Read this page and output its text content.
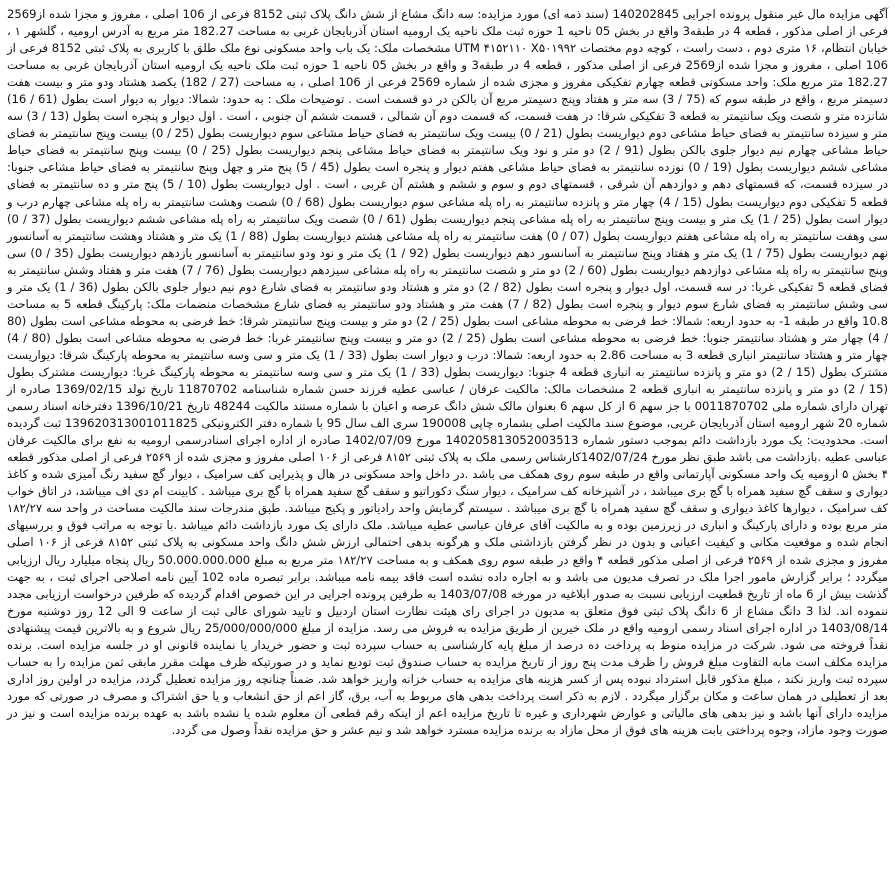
آگهی مزایده مال غیر منقول پرونده اجرایی 140202845 (سند ذمه ای) مورد مزایده: سه دانگ مشاع از شش دانگ پلاک ثبتی 8152 فرعی از 106 اصلی ، مفروز و مجزا شده از2569 فرعی از اصلی مذکور ، قطعه 4 در طبقه3 واقع در بخش 05 ناحیه 1 حوزه ثبت ملک ناحیه یک ارومیه استان آذربایجان غربی به مساحت 182.27 متر مربع به آدرس ارومیه ، گلشهر ۱ ، خیابان انتظام، ۱۶ متری دوم ، دست راست ، کوچه دوم مختصات UTM ۴۱۵۲۱۱۰ X۵۰۱۹۹۲ مشخصات ملک: یک باب واحد مسکونی نوع ملک طلق با کاربری به پلاک ثبتی 8152 فرعی از 106 اصلی ، مفروز و مجزا شده از2569 فرعی از اصلی مذکور ، قطعه 4 در طبقه3 و واقع در بخش 05 ناحیه 1 حوزه ثبت ملک ناحیه یک ارومیه استان آذربایجان غربی به مساحت 182.27 متر مربع ملک: واحد مسکونی قطعه چهارم تفکیکی مفروز و مجزی شده از شماره 2569 فرعی از 106 اصلی ، به مساحت (27 / 182) یکصد هشتاد ودو متر و بیست هفت دسیمتر مربع ، واقع در طبقه سوم که (75 / 3) سه متر و هفتاد وپنج دسیمتر مربع آن بالکن در دو قسمت است . توضیحات ملک : به حدود: شمالا: دیوار به دیوار است بطول (61 / 16) شانزده متر و شصت ویک سانتیمتر به قطعه 3 تفکیکی شرقا: در هفت قسمت، که قسمت دوم آن شمالی ، قسمت ششم آن جنوبی ، است . اول دیوار و پنجره است بطول (13 / 3) سه متر و سیزده سانتیمتر به فضای حیاط مشاعی دوم دیواریست بطول (21 / 0) بیست ویک سانتیمتر به فضای حیاط مشاعی سوم دیواریست بطول (25 / 0) بیست وپنج سانتیمتر به فضای حیاط مشاعی چهارم نیم دیوار جلوی بالکن بطول (91 / 2) دو متر و نود ویک سانتیمتر به فضای حیاط مشاعی پنجم دیواریست بطول (25 / 0) بیست وپنج سانتیمتر به فضای حیاط مشاعی ششم دیواریست بطول (19 / 0) نوزده سانتیمتر به فضای حیاط مشاعی هفتم دیوار و پنجره است بطول (45 / 5) پنج متر و چهل وپنج سانتیمتر به فضای حیاط مشاعی جنوبا: در سیزده قسمت، که قسمتهای دهم و دوازدهم آن شرقی ، قسمتهای دوم و سوم و ششم و هشتم آن غربی ، است . اول دیواریست بطول (10 / 5) پنج متر و ده سانتیمتر به فضای قطعه 5 تفکیکی دوم دیواریست بطول (15 / 4) چهار متر و پانزده سانتیمتر به راه پله مشاعی سوم دیواریست بطول (68 / 0) شصت وهشت سانتیمتر به راه پله مشاعی چهارم درب و دیوار است بطول (25 / 1) یک متر و بیست وپنج سانتیمتر به راه پله مشاعی پنجم دیواریست بطول (61 / 0) شصت ویک سانتیمتر به راه پله مشاعی ششم دیواریست بطول (37 / 0) سی وهفت سانتیمتر به راه پله مشاعی هفتم دیواریست بطول (07 / 0) هفت سانتیمتر به راه پله مشاعی هشتم دیواریست بطول (88 / 1) یک متر و هشتاد وهشت سانتیمتر به آسانسور نهم دیواریست بطول (75 / 1) یک متر و هفتاد وپنج سانتیمتر به آسانسور دهم دیواریست بطول (92 / 1) یک متر و نود ودو سانتیمتر به آسانسور یازدهم دیواریست بطول (35 / 0) سی وپنج سانتیمتر به راه پله مشاعی دوازدهم دیواریست بطول (60 / 2) دو متر و شصت سانتیمتر به راه پله مشاعی سیزدهم دیواریست بطول (76 / 7) هفت متر و هفتاد وشش سانتیمتر به فضای قطعه 5 تفکیکی غربا: در سه قسمت، اول دیوار و پنجره است بطول (82 / 2) دو متر و هشتاد ودو سانتیمتر به فضای شارع دوم نیم دیوار جلوی بالکن بطول (36 / 1) یک متر و سی وشش سانتیمتر به فضای شارع سوم دیوار و پنجره است بطول (82 / 7) هفت متر و هشتاد ودو سانتیمتر به فضای شارع مشخصات منضمات ملک: پارکینگ قطعه 5 به مساحت 10.8 واقع در طبقه 1- به حدود اربعه: شمالا: خط فرضی به محوطه مشاعی است بطول (25 / 2) دو متر و بیست وپنج سانتیمتر شرقا: خط فرضی به محوطه مشاعی است بطول (80 / 4) چهار متر و هشتاد سانتیمتر جنوبا: خط فرضی به محوطه مشاعی است بطول (25 / 2) دو متر و بیست وپنج سانتیمتر غربا: خط فرضی به محوطه مشاعی است بطول (80 / 4) چهار متر و هشتاد سانتیمتر انباری قطعه 3 به مساحت 2.86 به حدود اربعه: شمالا: درب و دیوار است بطول (33 / 1) یک متر و سی وسه سانتیمتر به محوطه پارکینگ شرقا: دیواریست مشترک بطول (15 / 2) دو متر و پانزده سانتیمتر به انباری قطعه 4 جنوبا: دیواریست بطول (33 / 1) یک متر و سی وسه سانتیمتر به محوطه پارکینگ غربا: دیواریست مشترک بطول (15 / 2) دو متر و پانزده سانتیمتر به انباری قطعه 2 مشخصات مالک: مالکیت عرفان / عباسی عطیه فرزند حسن شماره شناسنامه 11870702 تاریخ تولد 1369/02/15 صادره از تهران دارای شماره ملی 0011870702 با جز سهم 6 از کل سهم 6 بعنوان مالک شش دانگ عرصه و اعیان با شماره مستند مالکیت 48244 تاریخ 1396/10/21 دفترخانه اسناد رسمی شماره 20 شهر ارومیه استان آذربایجان غربی، موضوع سند مالکیت اصلی بشماره چاپی 190008 سری الف سال 95 با شماره دفتر الکترونیکی 139620313001011825 ثبت گردیده است. محدودیت: یک مورد بازداشت دائم بموجب دستور شماره 140205813052003513 مورخ 1402/07/09 صادره از اداره اجرای اسنادرسمی ارومیه به نفع برای مالکیت عرفان عباسی عطیه .بازداشت می باشد طبق نظر مورخ 1402/07/24کارشناس رسمی ملک به پلاک ثبتی ۸۱۵۲ فرعی از ۱۰۶ اصلی مفروز و مجزی شده از ۲۵۶۹ فرعی از اصلی مذکور قطعه ۴ بخش ۵ ارومیه یک واحد مسکونی آپارتمانی واقع در طبقه سوم روی همکف می باشد .در داخل واحد مسکونی در هال و پذیرایی کف سرامیک ، دیوار گچ سفید رنگ آمیزی شده و کاغذ دیواری و سقف گچ سفید همراه با گچ بری میباشد ، در آشپزخانه کف سرامیک ، دیوار سنگ دکوراتیو و سقف گچ سفید همراه با گچ بری میباشد . کابینت ام دی اف میباشد، در اتاق خواب کف سرامیک ، دیوارها کاغذ دیواری و سقف گچ سفید همراه با گچ بری میباشد . سیستم گرمایش واحد رادیاتور و پکیج میباشد. طبق مندرجات سند مالکیت مساحت در واحد سه ۱۸۲/۲۷ متر مربع بوده و دارای پارکینگ و انباری در زیرزمین بوده و به مالکیت آقای عرفان عباسی عطیه میباشد. ملک دارای یک مورد بازداشت دائم میباشد .با توجه به مراتب فوق و بررسیهای انجام شده و موقعیت مکانی و کیفیت اعیانی و بدون در نظر گرفتن بازداشتی ملک و هرگونه بدهی احتمالی ارزش شش دانگ واحد مسکونی به پلاک ثبتی ۸۱۵۲ فرعی از ۱۰۶ اصلی مفروز و مجزی شده از ۲۵۶۹ فرعی از اصلی مذکور قطعه ۴ واقع در طبقه سوم روی همکف و به مساحت ۱۸۲/۲۷ متر مربع به مبلغ 50.000.000.000 ریال پنجاه میلیارد ریال ارزیابی میگردد ؛ برابر گزارش مامور اجرا ملک در تصرف مدیون می باشد و به اجاره داده نشده است فاقد بیمه نامه میباشد. برابر تبصره ماده 102 آیین نامه اصلاحی اجرای ثبت ، به جهت گذشت بیش از 6 ماه از تاریخ قطعیت ارزیابی نسبت به صدور ابلاغیه در مورخه 1403/07/08 به طرفین پرونده اجرایی در این خصوص اقدام گردیده که طرفین درخواست ارزیابی مجدد ننموده اند. لذا 3 دانگ مشاع از 6 دانگ پلاک ثبتی فوق متعلق به مدیون در اجرای رای هیئت نظارت استان اردبیل و تایید شورای عالی ثبت از ساعت 9 الی 12 روز دوشنبه مورخ 1403/08/14 در اداره اجرای اسناد رسمی ارومیه واقع در ملک خیرین از طریق مزایده به فروش می رسد. مزایده از مبلغ 25/000/000/000 ریال شروع و به بالاترین قیمت پیشنهادی نقداً فروخته می شود. شرکت در مزایده منوط به پرداخت ده درصد از مبلغ پایه کارشناسی به حساب سپرده ثبت و حضور خریدار یا نماینده قانونی او در جلسه مزایده است. برنده مزایده مکلف است مابه التفاوت مبلغ فروش را ظرف مدت پنج روز از تاریخ مزایده به حساب صندوق ثبت تودیع نماید و در صورتیکه ظرف مهلت مقرر مابقی ثمن مزایده را به حساب سپرده ثبت واریز نکند ، مبلغ مذکور قابل استرداد نبوده پس از کسر هزینه های مزایده به حساب خزانه واریز خواهد شد. ضمناً چنانچه روز مزایده تعطیل گردد، مزایده در اولین روز اداری بعد از تعطیلی در همان ساعت و مکان برگزار میگردد . لازم به ذکر است پرداخت بدهی های مربوط به آب، برق، گاز اعم از حق انشعاب و یا حق اشتراک و مصرف در صورتی که مورد مزایده دارای آنها باشد و نیز بدهی های مالیاتی و عوارض شهرداری و غیره تا تاریخ مزایده اعم از اینکه رقم قطعی آن معلوم شده یا نشده باشد به عهده برنده مزایده است و نیز در صورت وجود مازاد، وجوه پرداختی بابت هزینه های فوق از محل مازاد به برنده مزایده مسترد خواهد شد و نیم عشر و حق مزایده نقداً وصول می گردد.
